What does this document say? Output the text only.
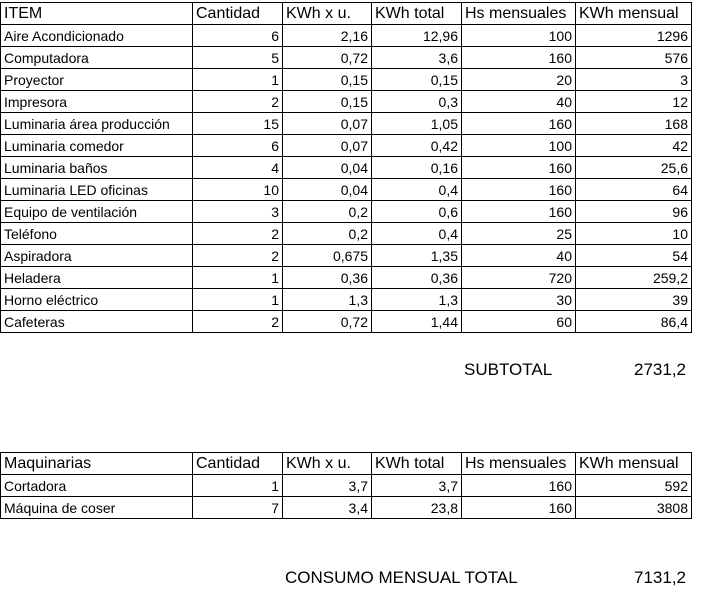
ITEM	Cantidad	KWh x u.	KWh total	Hs mensuales	KWh mensual
Aire Acondicionado	6	2,16	12,96	100	1296
Computadora	5	0,72	3,6	160	576
Proyector	1	0,15	0,15	20	3
Impresora	2	0,15	0,3	40	12
Luminaria área producción	15	0,07	1,05	160	168
Luminaria comedor	6	0,07	0,42	100	42
Luminaria baños	4	0,04	0,16	160	25,6
Luminaria LED oficinas	10	0,04	0,4	160	64
Equipo de ventilación	3	0,2	0,6	160	96
Teléfono	2	0,2	0,4	25	10
Aspiradora	2	0,675	1,35	40	54
Heladera	1	0,36	0,36	720	259,2
Horno eléctrico	1	1,3	1,3	30	39
Cafeteras	2	0,72	1,44	60	86,4
SUBTOTAL	2731,2
Maquinarias	Cantidad	KWh x u.	KWh total	Hs mensuales	KWh mensual
Cortadora	1	3,7	3,7	160	592
Máquina de coser	7	3,4	23,8	160	3808
CONSUMO MENSUAL TOTAL	7131,2
